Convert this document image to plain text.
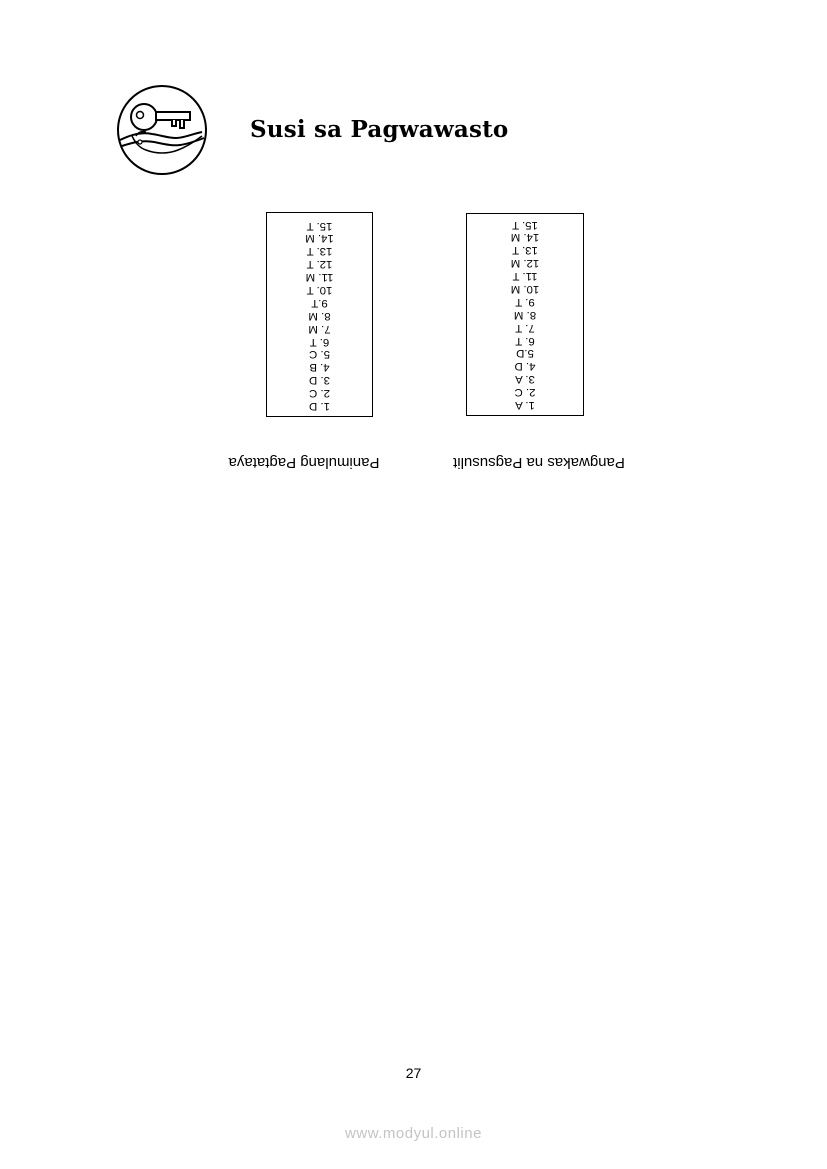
Susi sa Pagwawasto
1. D
2. C
3. D
4. B
5. C
6. T
7. M
8. M
9.T
10. T
11. M
12. T
13. T
14. M
15. T
1. A
2. C
3. A
4. D
5.D
6. T
7. T
8. M
9. T
10. M
11. T
12. M
13. T
14. M
15. T
Panimulang Pagtataya	Pangwakas na Pagsusulit
27
www.modyul.online
